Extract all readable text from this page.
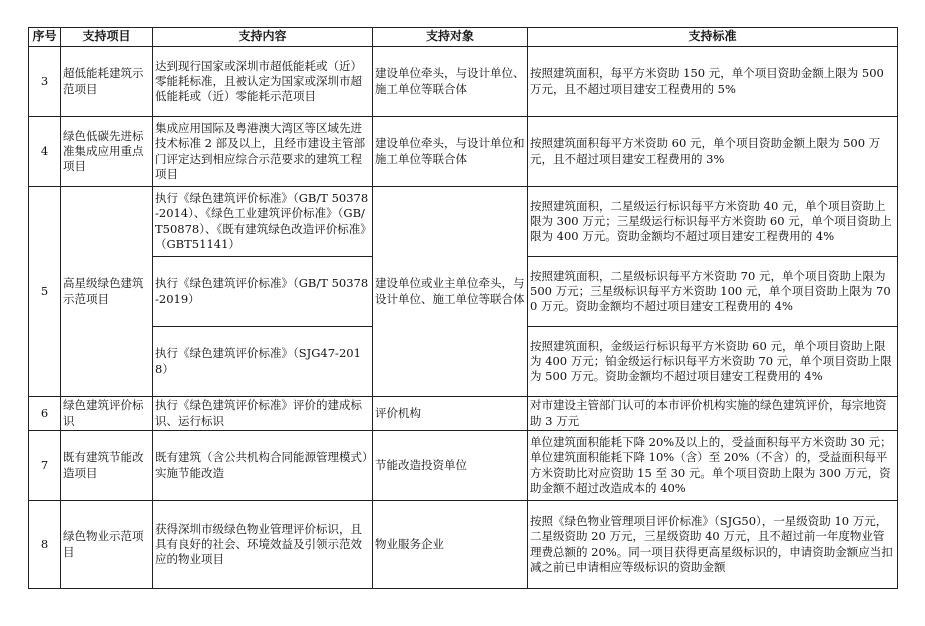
序号	支持项目	支持内容	支持对象	支持标准
3	超低能耗建筑示范项目	达到现行国家或深圳市超低能耗或（近）零能耗标准，且被认定为国家或深圳市超低能耗或（近）零能耗示范项目	建设单位牵头，与设计单位、施工单位等联合体	按照建筑面积，每平方米资助 150 元，单个项目资助金额上限为 500 万元，且不超过项目建安工程费用的 5%
4	绿色低碳先进标准集成应用重点项目	集成应用国际及粤港澳大湾区等区域先进技术标准 2 部及以上，且经市建设主管部门评定达到相应综合示范要求的建筑工程项目	建设单位牵头，与设计单位和施工单位等联合体	按照建筑面积每平方米资助 60 元，单个项目资助金额上限为 500 万元，且不超过项目建安工程费用的 3%
5	高星级绿色建筑示范项目	执行《绿色建筑评价标准》（GB/T 50378-2014）、《绿色工业建筑评价标准》（GB/T50878）、《既有建筑绿色改造评价标准》（GBT51141）	建设单位或业主单位牵头，与设计单位、施工单位等联合体	按照建筑面积，二星级运行标识每平方米资助 40 元，单个项目资助上限为 300 万元；三星级运行标识每平方米资助 60 元，单个项目资助上限为 400 万元。资助金额均不超过项目建安工程费用的 4%
		执行《绿色建筑评价标准》（GB/T 50378-2019）		按照建筑面积，二星级标识每平方米资助 70 元，单个项目资助上限为 500 万元；三星级标识每平方米资助 100 元，单个项目资助上限为 700 万元。资助金额均不超过项目建安工程费用的 4%
		执行《绿色建筑评价标准》（SJG47-2018）		按照建筑面积，金级运行标识每平方米资助 60 元，单个项目资助上限为 400 万元；铂金级运行标识每平方米资助 70 元，单个项目资助上限为 500 万元。资助金额均不超过项目建安工程费用的 4%
6	绿色建筑评价标识	执行《绿色建筑评价标准》评价的建成标识、运行标识	评价机构	对市建设主管部门认可的本市评价机构实施的绿色建筑评价，每宗地资助 3 万元
7	既有建筑节能改造项目	既有建筑（含公共机构合同能源管理模式）实施节能改造	节能改造投资单位	单位建筑面积能耗下降 20%及以上的，受益面积每平方米资助 30 元；单位建筑面积能耗下降 10%（含）至 20%（不含）的，受益面积每平方米资助比对应资助 15 至 30 元。单个项目资助上限为 300 万元，资助金额不超过改造成本的 40%
8	绿色物业示范项目	获得深圳市级绿色物业管理评价标识，且具有良好的社会、环境效益及引领示范效应的物业项目	物业服务企业	按照《绿色物业管理项目评价标准》（SJG50），一星级资助 10 万元，二星级资助 20 万元，三星级资助 40 万元，且不超过前一年度物业管理费总额的 20%。同一项目获得更高星级标识的，申请资助金额应当扣减之前已申请相应等级标识的资助金额
